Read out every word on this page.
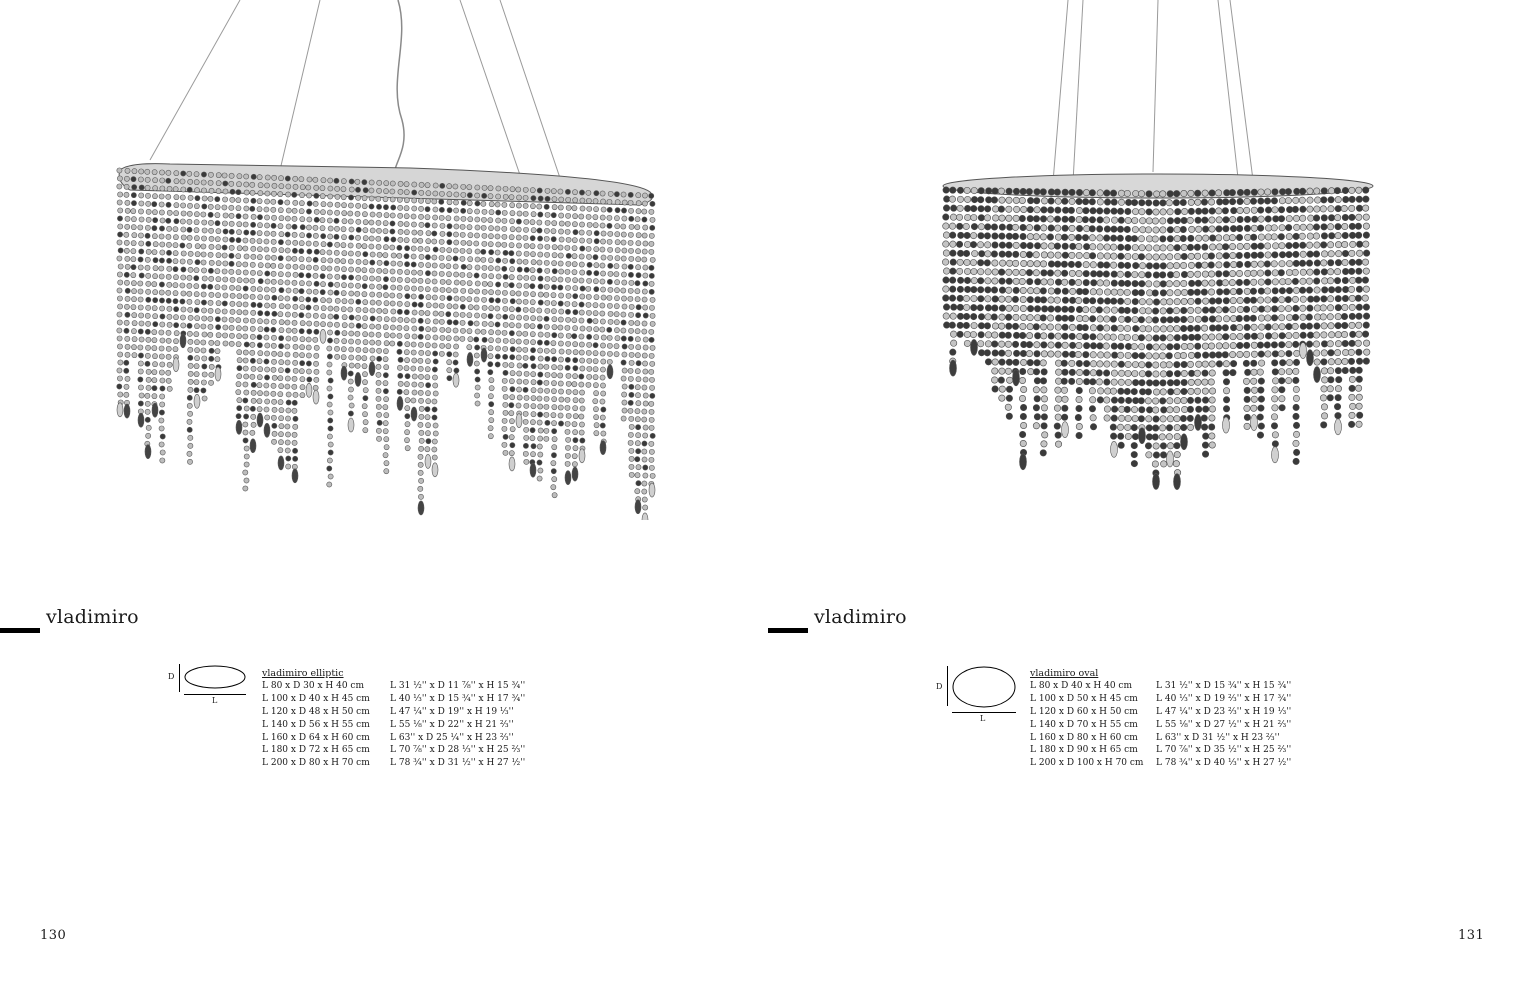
vladimiro
D
L
vladimiro elliptic
L 80 x D 30 x H 40 cm
L 100 x D 40 x H 45 cm
L 120 x D 48 x H 50 cm
L 140 x D 56 x H 55 cm
L 160 x D 64 x H 60 cm
L 180 x D 72 x H 65 cm
L 200 x D 80 x H 70 cm
L 31 ½'' x D 11 ⅞'' x H 15 ¾''
L 40 ⅓'' x D 15 ¾'' x H 17 ¾''
L 47 ¼'' x D 19'' x H 19 ⅓''
L 55 ⅛'' x D 22'' x H 21 ⅔''
L 63'' x D 25 ¼'' x H 23 ⅔''
L 70 ⅞'' x D 28 ⅓'' x H 25 ⅔''
L 78 ¾'' x D 31 ½'' x H 27 ½''
130
vladimiro
D
L
vladimiro oval
L 80 x D 40 x H 40 cm
L 100 x D 50 x H 45 cm
L 120 x D 60 x H 50 cm
L 140 x D 70 x H 55 cm
L 160 x D 80 x H 60 cm
L 180 x D 90 x H 65 cm
L 200 x D 100 x H 70 cm
L 31 ½'' x D 15 ¾'' x H 15 ¾''
L 40 ⅓'' x D 19 ⅔'' x H 17 ¾''
L 47 ¼'' x D 23 ⅔'' x H 19 ⅓''
L 55 ⅛'' x D 27 ½'' x H 21 ⅔''
L 63'' x D 31 ½'' x H 23 ⅔''
L 70 ⅞'' x D 35 ½'' x H 25 ⅔''
L 78 ¾'' x D 40 ⅓'' x H 27 ½''
131
